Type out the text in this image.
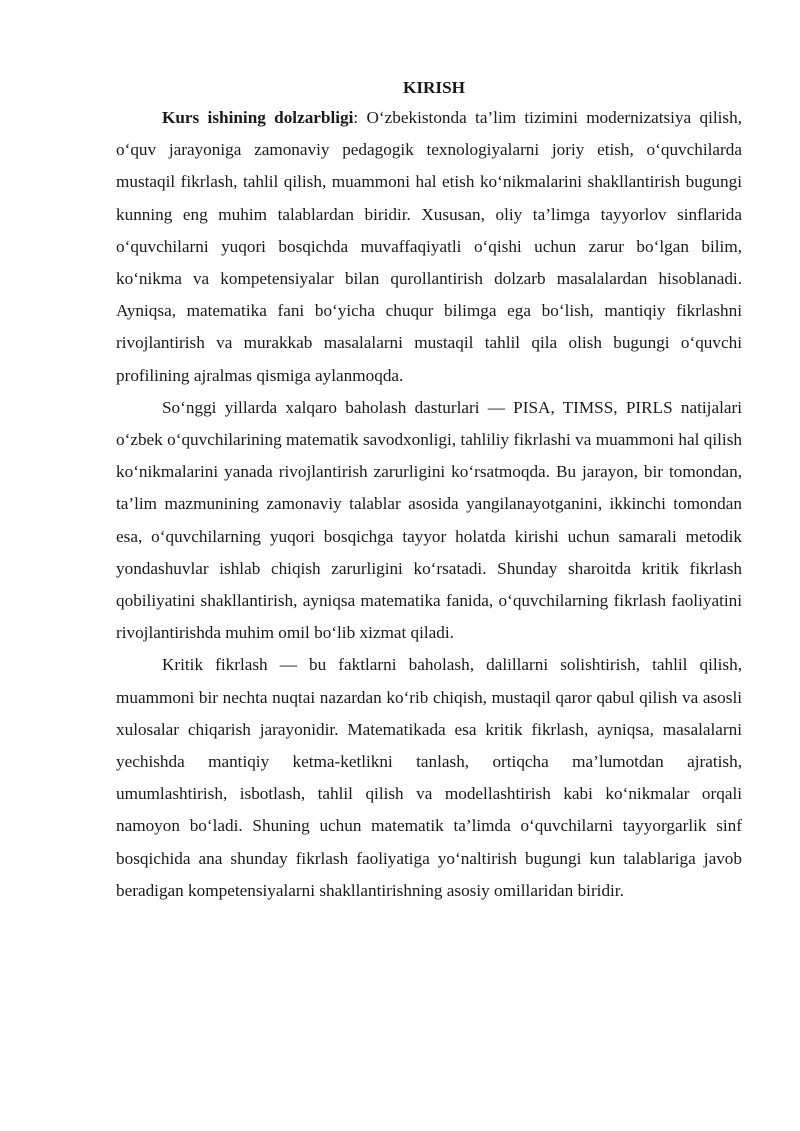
KIRISH

Kurs ishining dolzarbligi: O‘zbekistonda ta’lim tizimini modernizatsiya qilish, o‘quv jarayoniga zamonaviy pedagogik texnologiyalarni joriy etish, o‘quvchilarda mustaqil fikrlash, tahlil qilish, muammoni hal etish ko‘nikmalarini shakllantirish bugungi kunning eng muhim talablardan biridir. Xususan, oliy ta’limga tayyorlov sinflarida o‘quvchilarni yuqori bosqichda muvaffaqiyatli o‘qishi uchun zarur bo‘lgan bilim, ko‘nikma va kompetensiyalar bilan qurollantirish dolzarb masalalardan hisoblanadi. Ayniqsa, matematika fani bo‘yicha chuqur bilimga ega bo‘lish, mantiqiy fikrlashni rivojlantirish va murakkab masalalarni mustaqil tahlil qila olish bugungi o‘quvchi profilining ajralmas qismiga aylanmoqda.

So‘nggi yillarda xalqaro baholash dasturlari — PISA, TIMSS, PIRLS natijalari o‘zbek o‘quvchilarining matematik savodxonligi, tahliliy fikrlashi va muammoni hal qilish ko‘nikmalarini yanada rivojlantirish zarurligini ko‘rsatmoqda. Bu jarayon, bir tomondan, ta’lim mazmunining zamonaviy talablar asosida yangilanayotganini, ikkinchi tomondan esa, o‘quvchilarning yuqori bosqichga tayyor holatda kirishi uchun samarali metodik yondashuvlar ishlab chiqish zarurligini ko‘rsatadi. Shunday sharoitda kritik fikrlash qobiliyatini shakllantirish, ayniqsa matematika fanida, o‘quvchilarning fikrlash faoliyatini rivojlantirishda muhim omil bo‘lib xizmat qiladi.

Kritik fikrlash — bu faktlarni baholash, dalillarni solishtirish, tahlil qilish, muammoni bir nechta nuqtai nazardan ko‘rib chiqish, mustaqil qaror qabul qilish va asosli xulosalar chiqarish jarayonidir. Matematikada esa kritik fikrlash, ayniqsa, masalalarni yechishda mantiqiy ketma-ketlikni tanlash, ortiqcha ma’lumotdan ajratish, umumlashtirish, isbotlash, tahlil qilish va modellashtirish kabi ko‘nikmalar orqali namoyon bo‘ladi. Shuning uchun matematik ta’limda o‘quvchilarni tayyorgarlik sinf bosqichida ana shunday fikrlash faoliyatiga yo‘naltirish bugungi kun talablariga javob beradigan kompetensiyalarni shakllantirishning asosiy omillaridan biridir.
